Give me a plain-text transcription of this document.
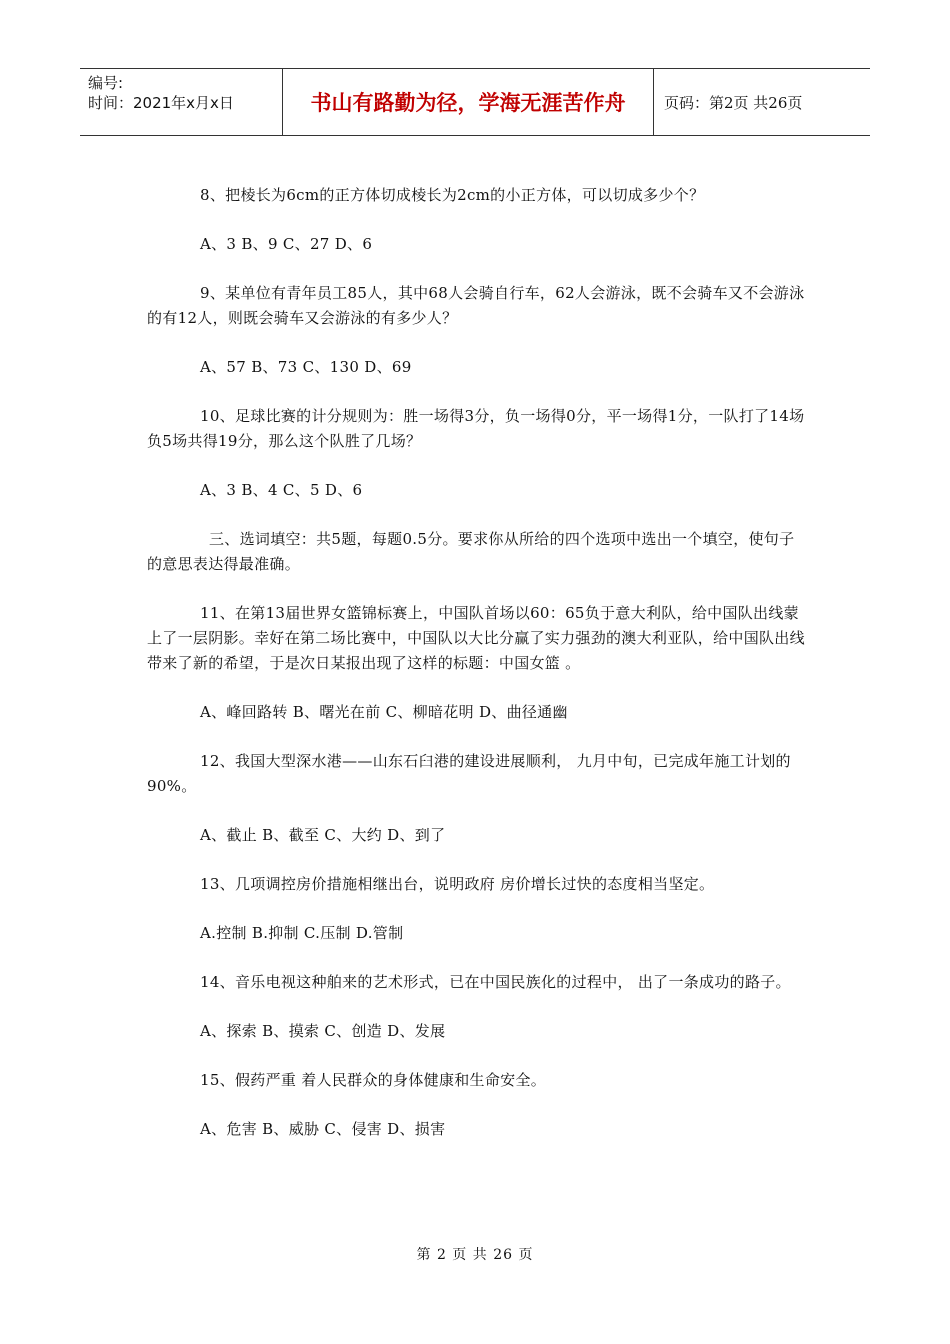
编号:
时间：2021年x月x日	书山有路勤为径，学海无涯苦作舟	页码：第2页 共26页

8、把棱长为6cm的正方体切成棱长为2cm的小正方体，可以切成多少个？

A、3 B、9 C、27 D、6

9、某单位有青年员工85人，其中68人会骑自行车，62人会游泳，既不会骑车又不会游泳的有12人，则既会骑车又会游泳的有多少人？

A、57 B、73 C、130 D、69

10、足球比赛的计分规则为：胜一场得3分，负一场得0分，平一场得1分，一队打了14场负5场共得19分，那么这个队胜了几场？

A、3 B、4 C、5 D、6

三、选词填空：共5题，每题0.5分。要求你从所给的四个选项中选出一个填空，使句子的意思表达得最准确。

11、在第13届世界女篮锦标赛上，中国队首场以60：65负于意大利队，给中国队出线蒙上了一层阴影。幸好在第二场比赛中，中国队以大比分赢了实力强劲的澳大利亚队，给中国队出线带来了新的希望，于是次日某报出现了这样的标题：中国女篮 。

A、峰回路转 B、曙光在前 C、柳暗花明 D、曲径通幽

12、我国大型深水港——山东石臼港的建设进展顺利， 九月中旬，已完成年施工计划的90%。

A、截止 B、截至 C、大约 D、到了

13、几项调控房价措施相继出台，说明政府 房价增长过快的态度相当坚定。

A.控制 B.抑制 C.压制 D.管制

14、音乐电视这种舶来的艺术形式，已在中国民族化的过程中， 出了一条成功的路子。

A、探索 B、摸索 C、创造 D、发展

15、假药严重 着人民群众的身体健康和生命安全。

A、危害 B、威胁 C、侵害 D、损害

第 2 页 共 26 页
